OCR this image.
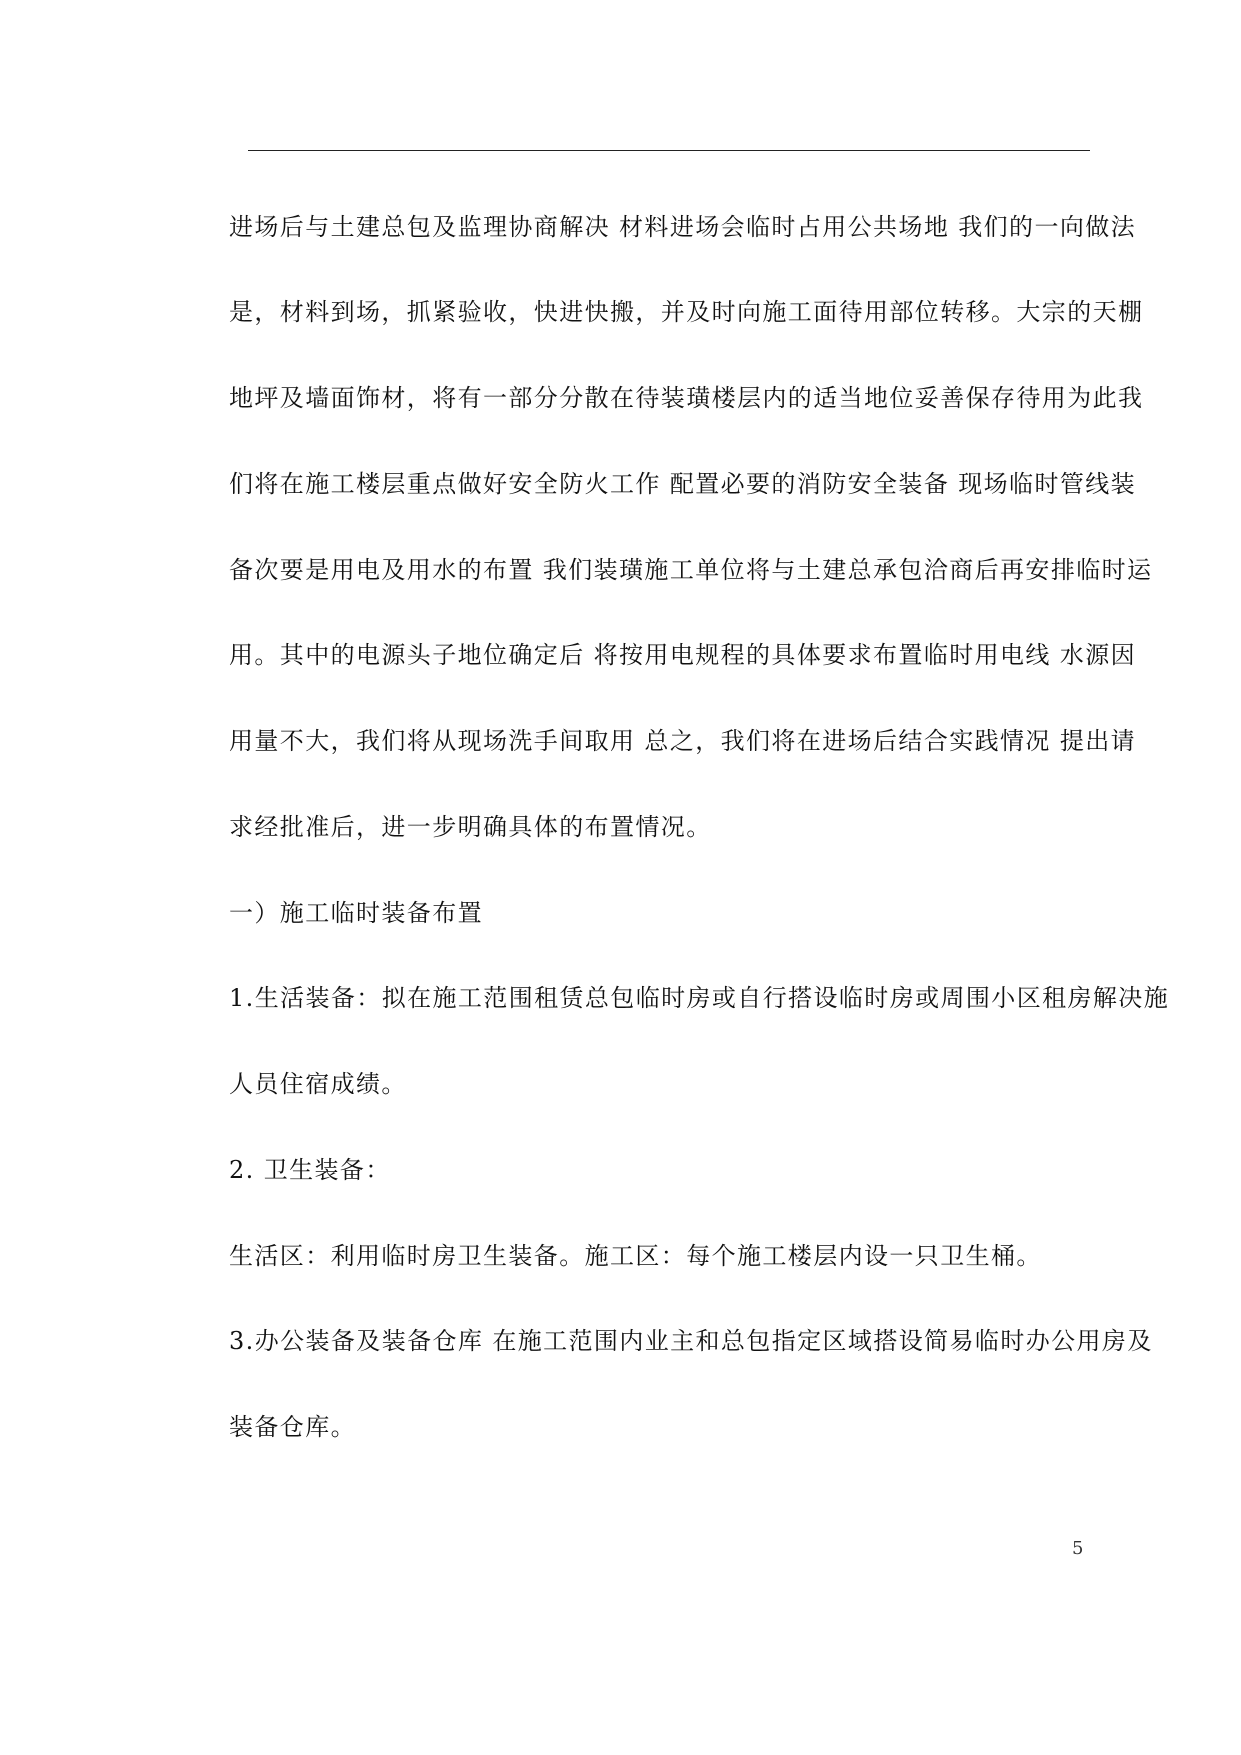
进场后与土建总包及监理协商解决 材料进场会临时占用公共场地 我们的一向做法

是，材料到场，抓紧验收，快进快搬，并及时向施工面待用部位转移。大宗的天棚

地坪及墙面饰材，将有一部分分散在待装璜楼层内的适当地位妥善保存待用为此我

们将在施工楼层重点做好安全防火工作 配置必要的消防安全装备 现场临时管线装

备次要是用电及用水的布置 我们装璜施工单位将与土建总承包洽商后再安排临时运

用。其中的电源头子地位确定后 将按用电规程的具体要求布置临时用电线 水源因

用量不大，我们将从现场洗手间取用 总之，我们将在进场后结合实践情况 提出请

求经批准后，进一步明确具体的布置情况。

一）施工临时装备布置

1.生活装备：拟在施工范围租赁总包临时房或自行搭设临时房或周围小区租房解决施

人员住宿成绩。

2. 卫生装备：

生活区：利用临时房卫生装备。施工区：每个施工楼层内设一只卫生桶。

3.办公装备及装备仓库 在施工范围内业主和总包指定区域搭设简易临时办公用房及

装备仓库。

5
